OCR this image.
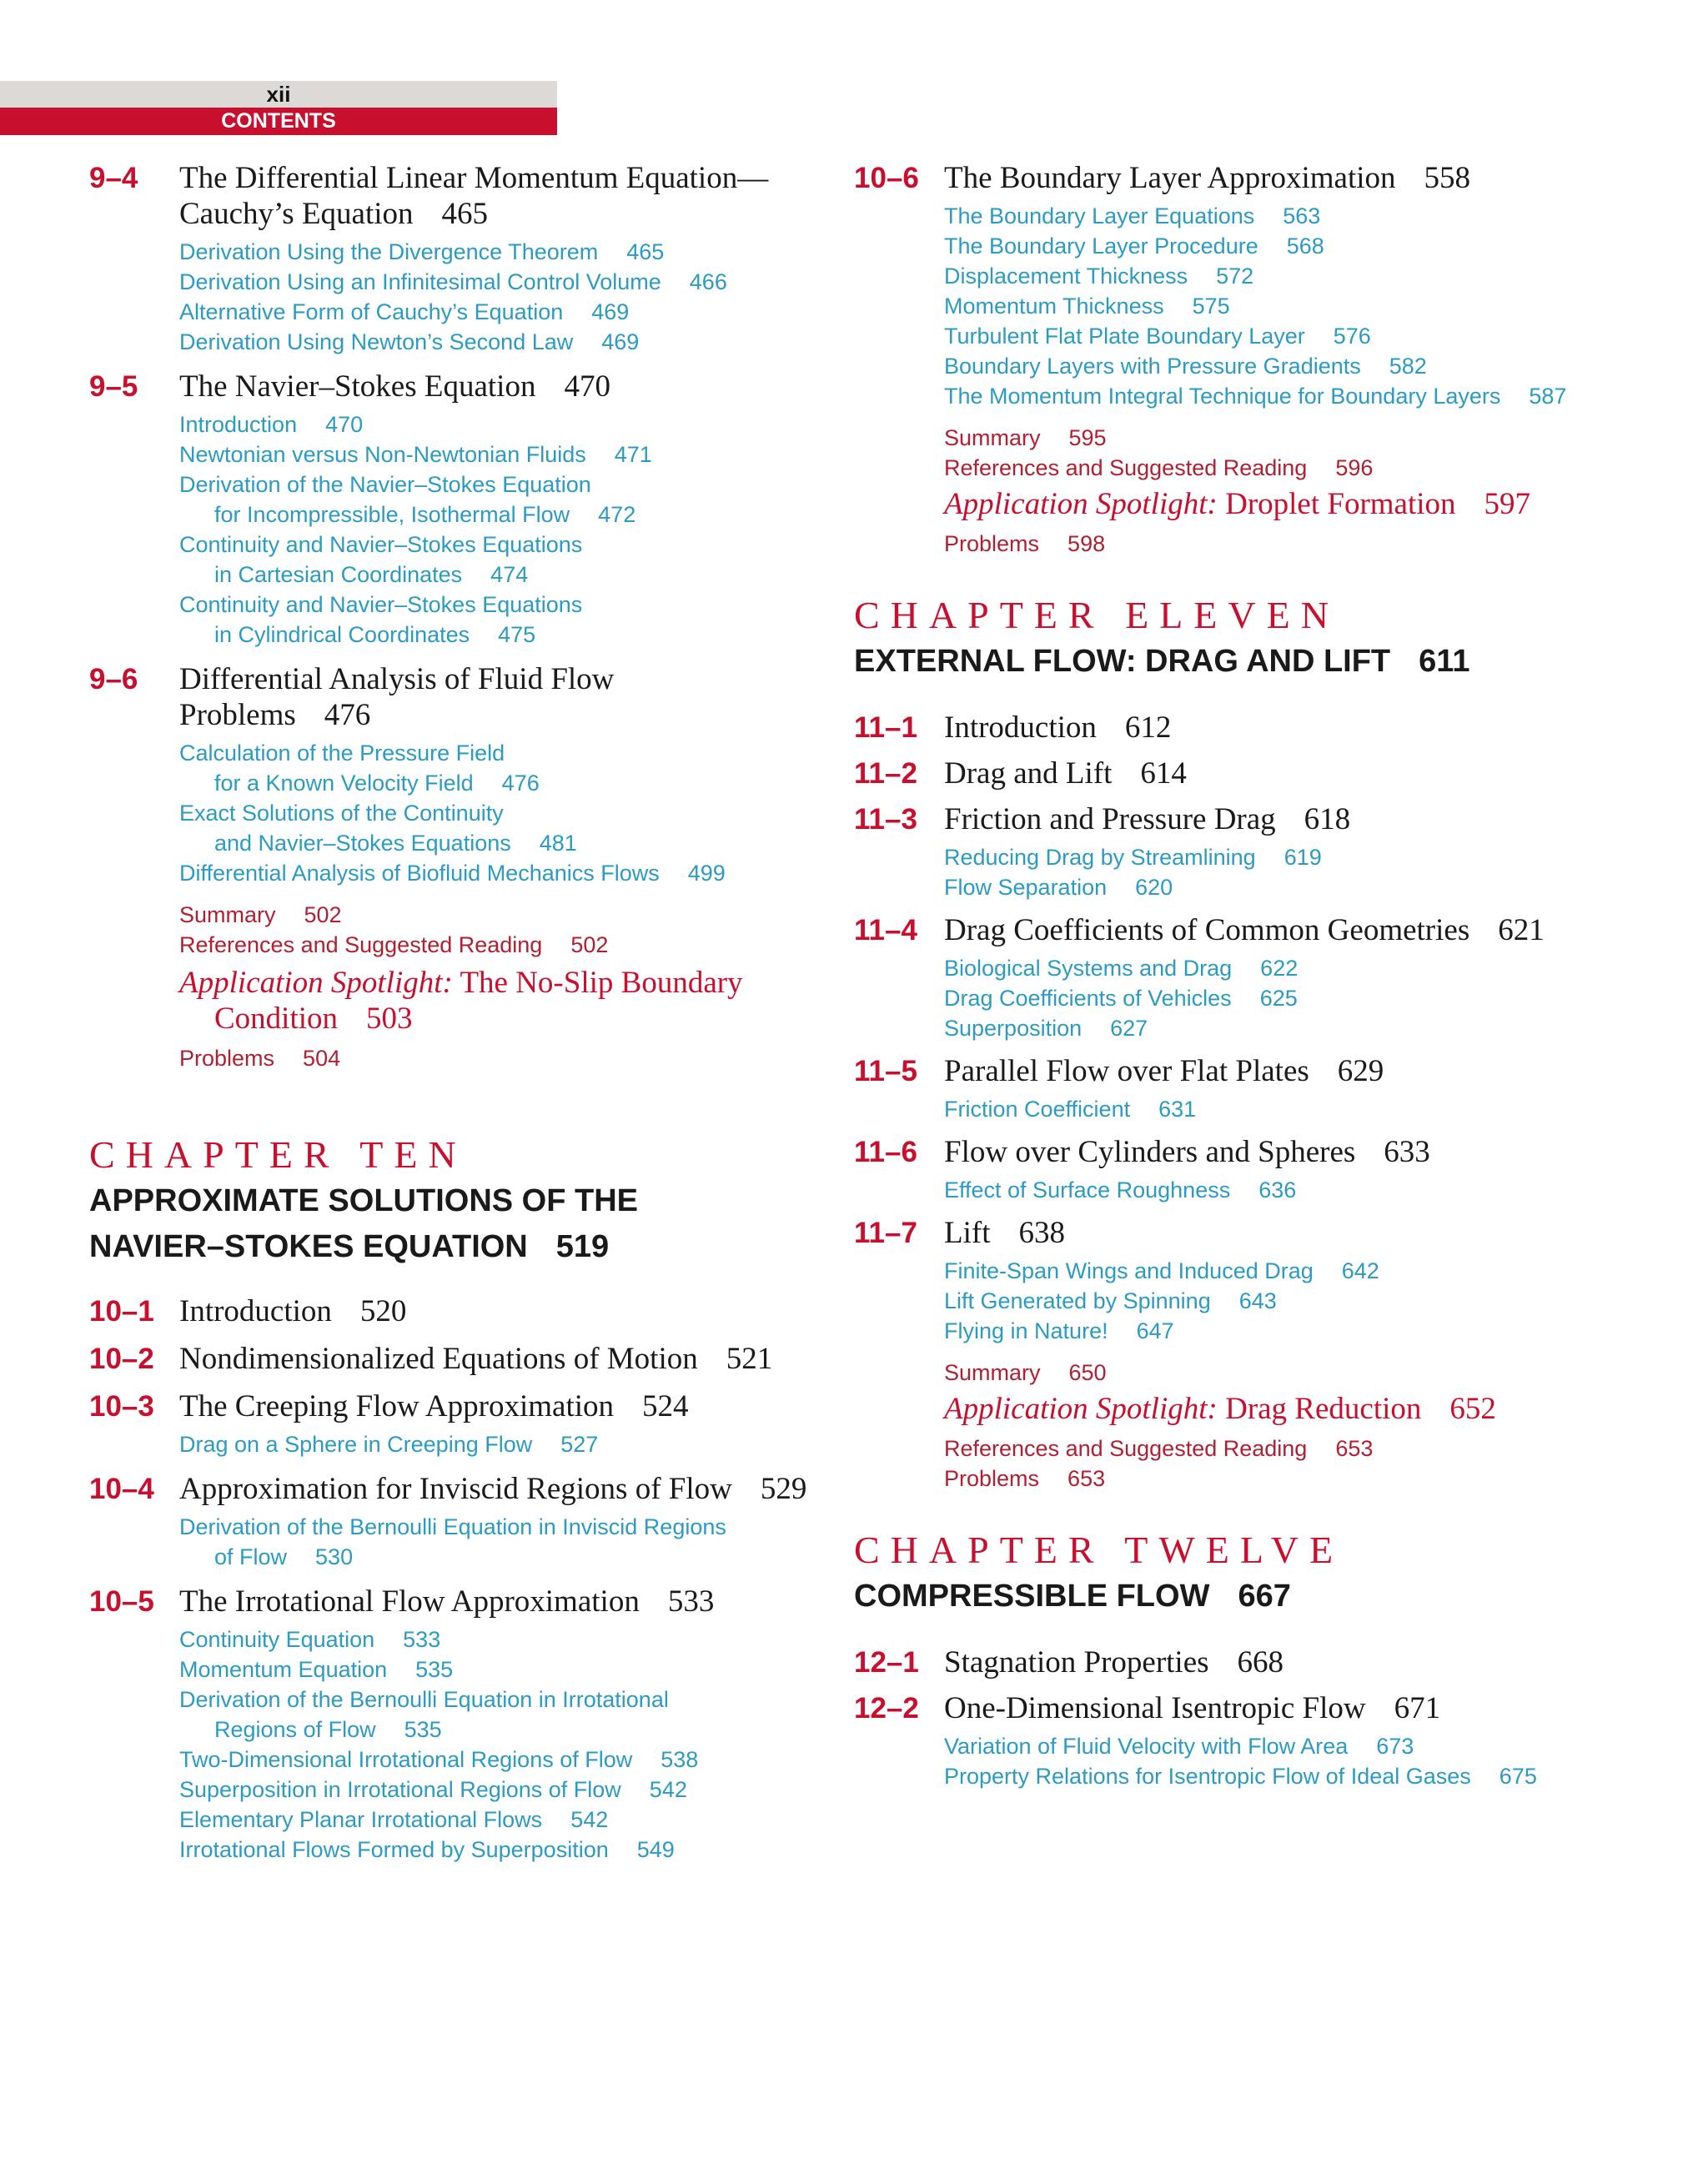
xii
CONTENTS
9–4	The Differential Linear Momentum Equation—
Cauchy’s Equation 465
Derivation Using the Divergence Theorem 465
Derivation Using an Infinitesimal Control Volume 466
Alternative Form of Cauchy’s Equation 469
Derivation Using Newton’s Second Law 469
9–5	The Navier–Stokes Equation 470
Introduction 470
Newtonian versus Non-Newtonian Fluids 471
Derivation of the Navier–Stokes Equation
for Incompressible, Isothermal Flow 472
Continuity and Navier–Stokes Equations
in Cartesian Coordinates 474
Continuity and Navier–Stokes Equations
in Cylindrical Coordinates 475
9–6	Differential Analysis of Fluid Flow
Problems 476
Calculation of the Pressure Field
for a Known Velocity Field 476
Exact Solutions of the Continuity
and Navier–Stokes Equations 481
Differential Analysis of Biofluid Mechanics Flows 499
Summary 502
References and Suggested Reading 502
Application Spotlight: The No-Slip Boundary
Condition 503
Problems 504
CHAPTER TEN
APPROXIMATE SOLUTIONS OF THE
NAVIER–STOKES EQUATION 519
10–1 Introduction 520
10–2 Nondimensionalized Equations of Motion 521
10–3 The Creeping Flow Approximation 524
Drag on a Sphere in Creeping Flow 527
10–4 Approximation for Inviscid Regions of Flow 529
Derivation of the Bernoulli Equation in Inviscid Regions
of Flow 530
10–5 The Irrotational Flow Approximation 533
Continuity Equation 533
Momentum Equation 535
Derivation of the Bernoulli Equation in Irrotational
Regions of Flow 535
Two-Dimensional Irrotational Regions of Flow 538
Superposition in Irrotational Regions of Flow 542
Elementary Planar Irrotational Flows 542
Irrotational Flows Formed by Superposition 549
10–6 The Boundary Layer Approximation 558
The Boundary Layer Equations 563
The Boundary Layer Procedure 568
Displacement Thickness 572
Momentum Thickness 575
Turbulent Flat Plate Boundary Layer 576
Boundary Layers with Pressure Gradients 582
The Momentum Integral Technique for Boundary Layers 587
Summary 595
References and Suggested Reading 596
Application Spotlight: Droplet Formation 597
Problems 598
CHAPTER ELEVEN
EXTERNAL FLOW: DRAG AND LIFT 611
11–1 Introduction 612
11–2 Drag and Lift 614
11–3 Friction and Pressure Drag 618
Reducing Drag by Streamlining 619
Flow Separation 620
11–4 Drag Coefficients of Common Geometries 621
Biological Systems and Drag 622
Drag Coefficients of Vehicles 625
Superposition 627
11–5 Parallel Flow over Flat Plates 629
Friction Coefficient 631
11–6 Flow over Cylinders and Spheres 633
Effect of Surface Roughness 636
11–7 Lift 638
Finite-Span Wings and Induced Drag 642
Lift Generated by Spinning 643
Flying in Nature! 647
Summary 650
Application Spotlight: Drag Reduction 652
References and Suggested Reading 653
Problems 653
CHAPTER TWELVE
COMPRESSIBLE FLOW 667
12–1 Stagnation Properties 668
12–2 One-Dimensional Isentropic Flow 671
Variation of Fluid Velocity with Flow Area 673
Property Relations for Isentropic Flow of Ideal Gases 675
